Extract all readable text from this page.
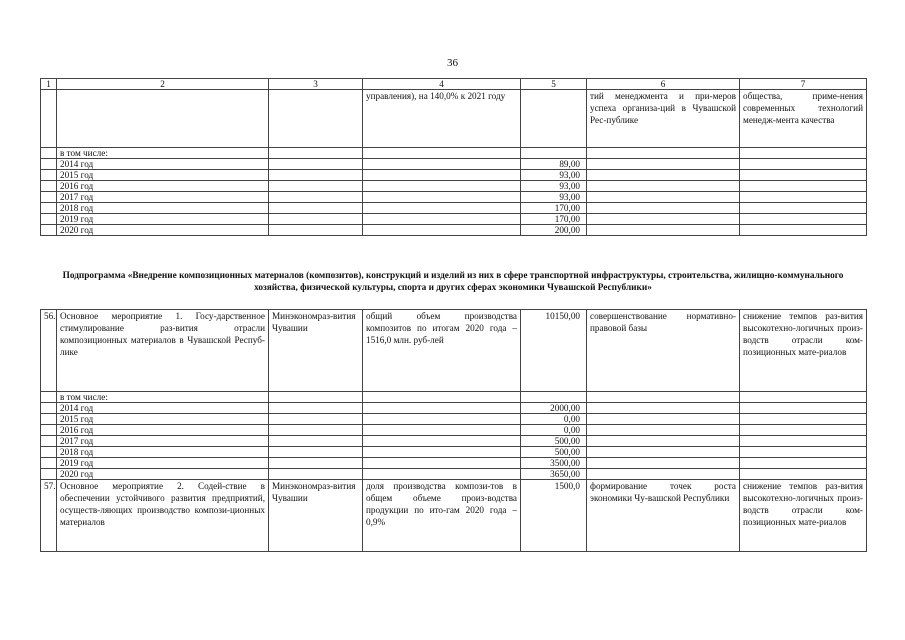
36
1	2	3	4	5	6	7
			управления), на 140,0% к 2021 году		тий менеджмента и при-меров успеха организа-ций в Чувашской Рес-публике	общества, приме-нения современных технологий менедж-мента качества
	в том числе:					
	2014 год			89,00		
	2015 год			93,00		
	2016 год			93,00		
	2017 год			93,00		
	2018 год			170,00		
	2019 год			170,00		
	2020 год			200,00		
Подпрограмма «Внедрение композиционных материалов (композитов), конструкций и изделий из них в сфере транспортной инфраструктуры, строительства, жилищно-коммунального хозяйства, физической культуры, спорта и других сферах экономики Чувашской Республики»
56.	Основное мероприятие 1. Госу-дарственное стимулирование раз-вития отрасли композиционных материалов в Чувашской Респуб-лике	Минэкономраз-вития Чувашии	общий объем производства композитов по итогам 2020 года – 1516,0 млн. руб-лей	10150,00	совершенствование нормативно-правовой базы	снижение темпов раз-вития высокотехно-логичных произ-водств отрасли ком-позиционных мате-риалов
	в том числе:					
	2014 год			2000,00		
	2015 год			0,00		
	2016 год			0,00		
	2017 год			500,00		
	2018 год			500,00		
	2019 год			3500,00		
	2020 год			3650,00		
57.	Основное мероприятие 2. Содей-ствие в обеспечении устойчивого развития предприятий, осуществ-ляющих производство компози-ционных материалов	Минэкономраз-вития Чувашии	доля производства компози-тов в общем объеме произ-водства продукции по ито-гам 2020 года – 0,9%	1500,0	формирование точек роста экономики Чу-вашской Республики	снижение темпов раз-вития высокотехно-логичных произ-водств отрасли ком-позиционных мате-риалов
